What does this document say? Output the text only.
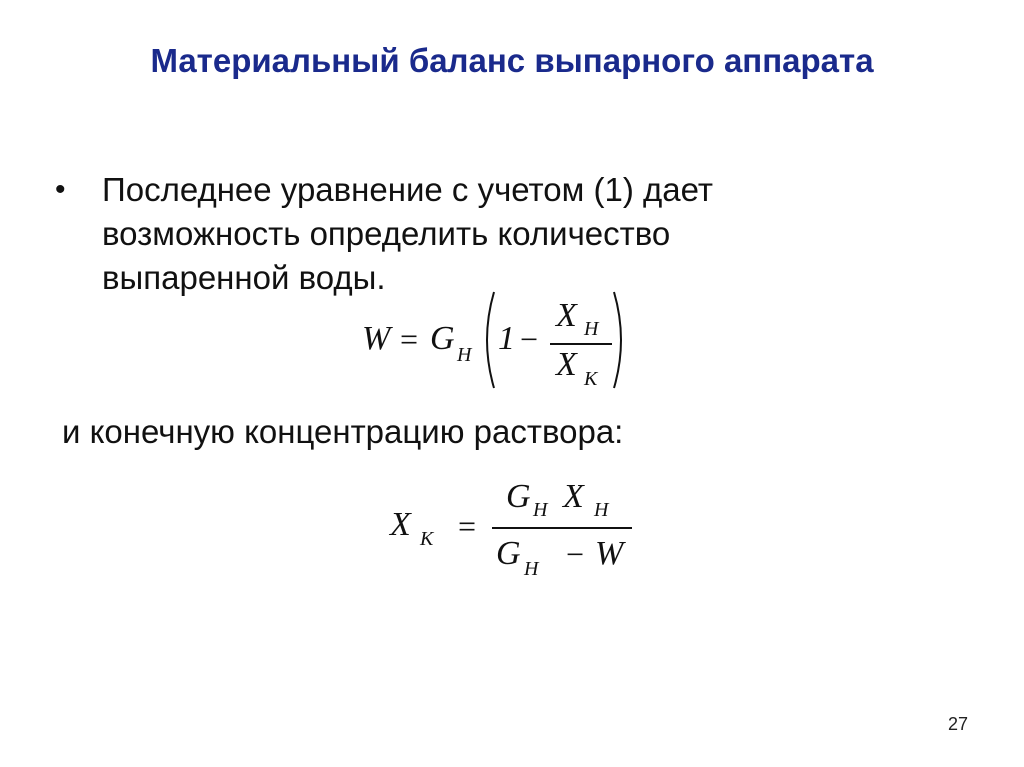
Материальный баланс выпарного аппарата
•	Последнее уравнение с учетом (1) дает
возможность определить количество
выпаренной воды.
W = G H 1 −
X H
X K
и конечную концентрацию раствора:
X K =
G H X H
G H − W
27
